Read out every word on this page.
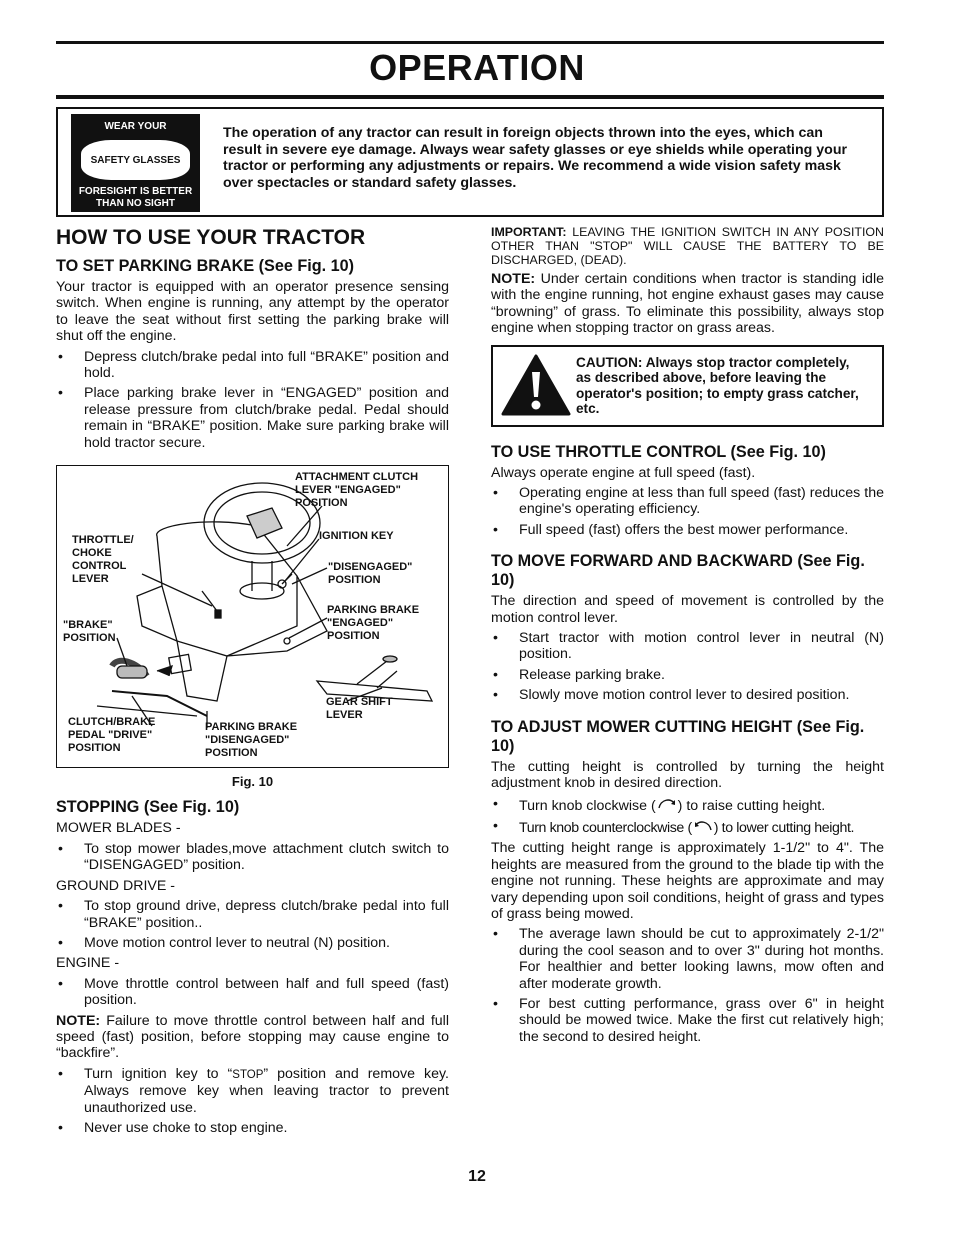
OPERATION
WEAR YOUR
SAFETY GLASSES
FORESIGHT IS BETTER
THAN NO SIGHT
The operation of any tractor can result in foreign objects thrown into the eyes, which can result in severe eye damage. Always wear safety glasses or eye shields while operating your tractor or performing any adjustments or repairs. We recommend a wide vision safety mask over spectacles or standard safety glasses.
HOW TO USE YOUR TRACTOR
TO SET PARKING BRAKE (See Fig. 10)

Your tractor is equipped with an operator presence sensing switch. When engine is running, any attempt by the operator to leave the seat without first setting the parking brake will shut off the engine.

• Depress clutch/brake pedal into full “BRAKE” position and hold.
• Place parking brake lever in “ENGAGED” position and release pressure from clutch/brake pedal. Pedal should remain in “BRAKE” position. Make sure parking brake will hold tractor secure.
ATTACHMENT CLUTCH
LEVER "ENGAGED"
POSITION
IGNITION KEY
THROTTLE/
CHOKE
CONTROL
LEVER
"DISENGAGED"
POSITION
"BRAKE"
POSITION
PARKING BRAKE
"ENGAGED"
POSITION
GEAR SHIFT
LEVER
CLUTCH/BRAKE
PEDAL "DRIVE"
POSITION
PARKING BRAKE
"DISENGAGED"
POSITION
Fig. 10
STOPPING (See Fig. 10)

MOWER BLADES -

• To stop mower blades,move attachment clutch switch to “DISENGAGED” position.

GROUND DRIVE -

• To stop ground drive, depress clutch/brake pedal into full “BRAKE” position..
• Move motion control lever to neutral (N) position.

ENGINE -

• Move throttle control between half and full speed (fast) position.

NOTE: Failure to move throttle control between half and full speed (fast) position, before stopping may cause engine to “backfire”.

• Turn ignition key to “STOP” position and remove key. Always remove key when leaving tractor to prevent unauthorized use.
• Never use choke to stop engine.

IMPORTANT: LEAVING THE IGNITION SWITCH IN ANY POSITION OTHER THAN "STOP" WILL CAUSE THE BATTERY TO BE DISCHARGED, (DEAD).

NOTE: Under certain conditions when tractor is standing idle with the engine running, hot engine exhaust gases may cause “browning” of grass. To eliminate this possibility, always stop engine when stopping tractor on grass areas.

CAUTION: Always stop tractor completely, as described above, before leaving the operator's position; to empty grass catcher, etc.
TO USE THROTTLE CONTROL (See Fig. 10)

Always operate engine at full speed (fast).

• Operating engine at less than full speed (fast) reduces the engine's operating efficiency.
• Full speed (fast) offers the best mower performance.
TO MOVE FORWARD AND BACKWARD (See Fig. 10)

The direction and speed of movement is controlled by the motion control lever.

• Start tractor with motion control lever in neutral (N) position.
• Release parking brake.
• Slowly move motion control lever to desired position.
TO ADJUST MOWER CUTTING HEIGHT (See Fig. 10)

The cutting height is controlled by turning the height adjustment knob in desired direction.

• Turn knob clockwise ( ) to raise cutting height.
• Turn knob counterclockwise ( ) to lower cutting height.

The cutting height range is approximately 1-1/2" to 4". The heights are measured from the ground to the blade tip with the engine not running. These heights are approximate and may vary depending upon soil conditions, height of grass and types of grass being mowed.

• The average lawn should be cut to approximately 2-1/2" during the cool season and to over 3" during hot months. For healthier and better looking lawns, mow often and after moderate growth.
• For best cutting performance, grass over 6" in height should be mowed twice. Make the first cut relatively high; the second to desired height.
12
